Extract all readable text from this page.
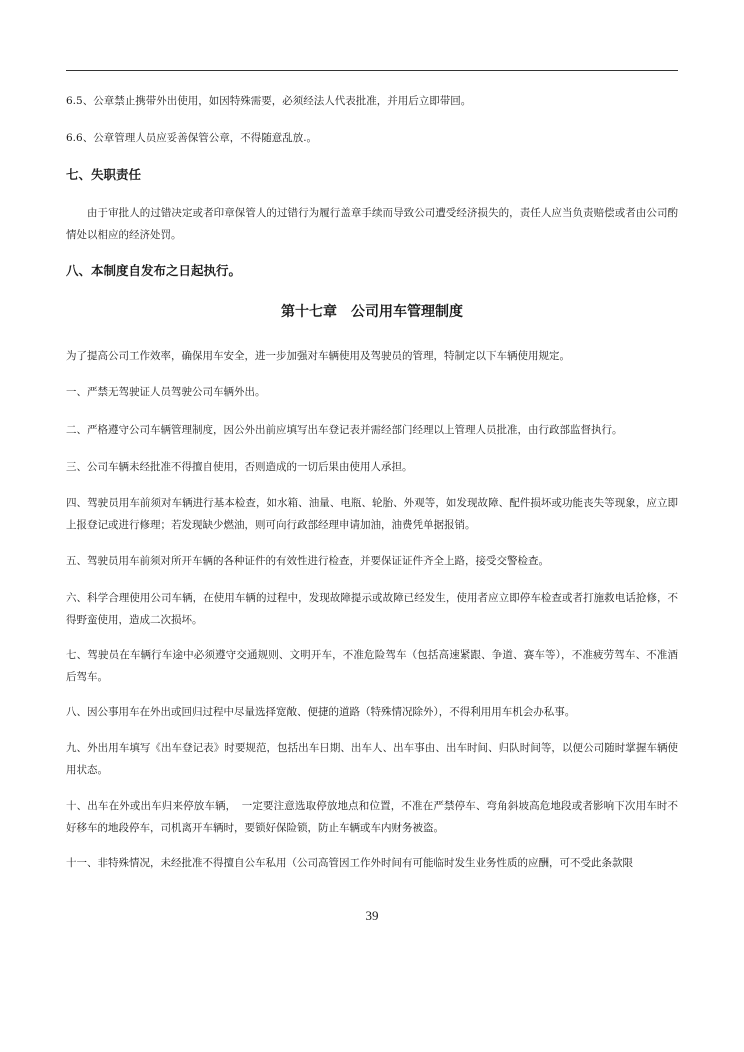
6.5、公章禁止携带外出使用，如因特殊需要，必须经法人代表批准，并用后立即带回。
6.6、公章管理人员应妥善保管公章，不得随意乱放.。
七、失职责任
由于审批人的过错决定或者印章保管人的过错行为履行盖章手续而导致公司遭受经济损失的，责任人应当负责赔偿或者由公司酌情处以相应的经济处罚。
八、本制度自发布之日起执行。
第十七章　公司用车管理制度
为了提高公司工作效率，确保用车安全，进一步加强对车辆使用及驾驶员的管理，特制定以下车辆使用规定。
一、严禁无驾驶证人员驾驶公司车辆外出。
二、严格遵守公司车辆管理制度，因公外出前应填写出车登记表并需经部门经理以上管理人员批准，由行政部监督执行。
三、公司车辆未经批准不得擅自使用，否则造成的一切后果由使用人承担。
四、驾驶员用车前须对车辆进行基本检查，如水箱、油量、电瓶、轮胎、外观等，如发现故障、配件损坏或功能丧失等现象，应立即上报登记或进行修理；若发现缺少燃油，则可向行政部经理申请加油，油费凭单据报销。
五、驾驶员用车前须对所开车辆的各种证件的有效性进行检查，并要保证证件齐全上路，接受交警检查。
六、科学合理使用公司车辆，在使用车辆的过程中，发现故障提示或故障已经发生，使用者应立即停车检查或者打施救电话抢修，不得野蛮使用，造成二次损坏。
七、驾驶员在车辆行车途中必须遵守交通规则、文明开车，不准危险驾车（包括高速紧跟、争道、赛车等），不准疲劳驾车、不准酒后驾车。
八、因公事用车在外出或回归过程中尽量选择宽敞、便捷的道路（特殊情况除外），不得利用用车机会办私事。
九、外出用车填写《出车登记表》时要规范，包括出车日期、出车人、出车事由、出车时间、归队时间等，以便公司随时掌握车辆使用状态。
十、出车在外或出车归来停放车辆，　一定要注意选取停放地点和位置，不准在严禁停车、弯角斜坡高危地段或者影响下次用车时不好移车的地段停车，司机离开车辆时，要锁好保险锁，防止车辆或车内财务被盗。
十一、非特殊情况，未经批准不得擅自公车私用（公司高管因工作外时间有可能临时发生业务性质的应酬，可不受此条款限
39
